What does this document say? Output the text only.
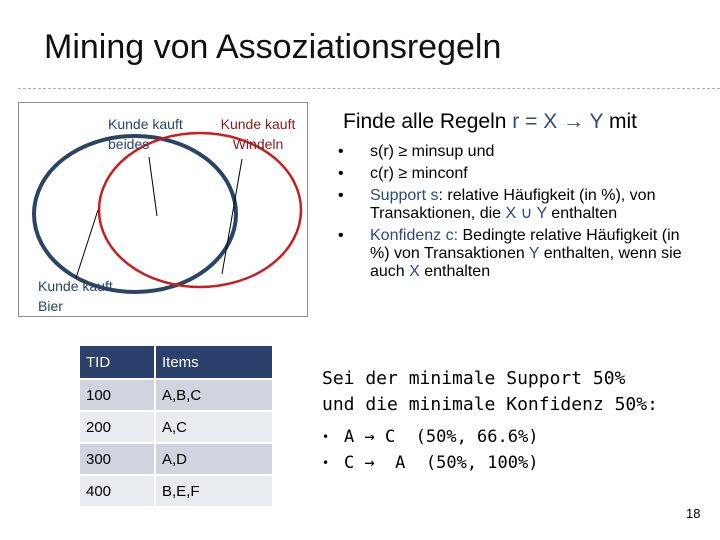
Mining von Assoziationsregeln
Kunde kauft beides
Kunde kauft Windeln
Kunde kauft Bier
TID	Items
100	A,B,C
200	A,C
300	A,D
400	B,E,F
Finde alle Regeln r = X → Y mit
• s(r) ≥ minsup und
• c(r) ≥ minconf
• Support s: relative Häufigkeit (in %), von Transaktionen, die X ∪ Y enthalten
• Konfidenz c: Bedingte relative Häufigkeit (in %) von Transaktionen Y enthalten, wenn sie auch X enthalten
Sei der minimale Support 50%
und die minimale Konfidenz 50%:
• A → C  (50%, 66.6%)
• C →  A  (50%, 100%)
18
